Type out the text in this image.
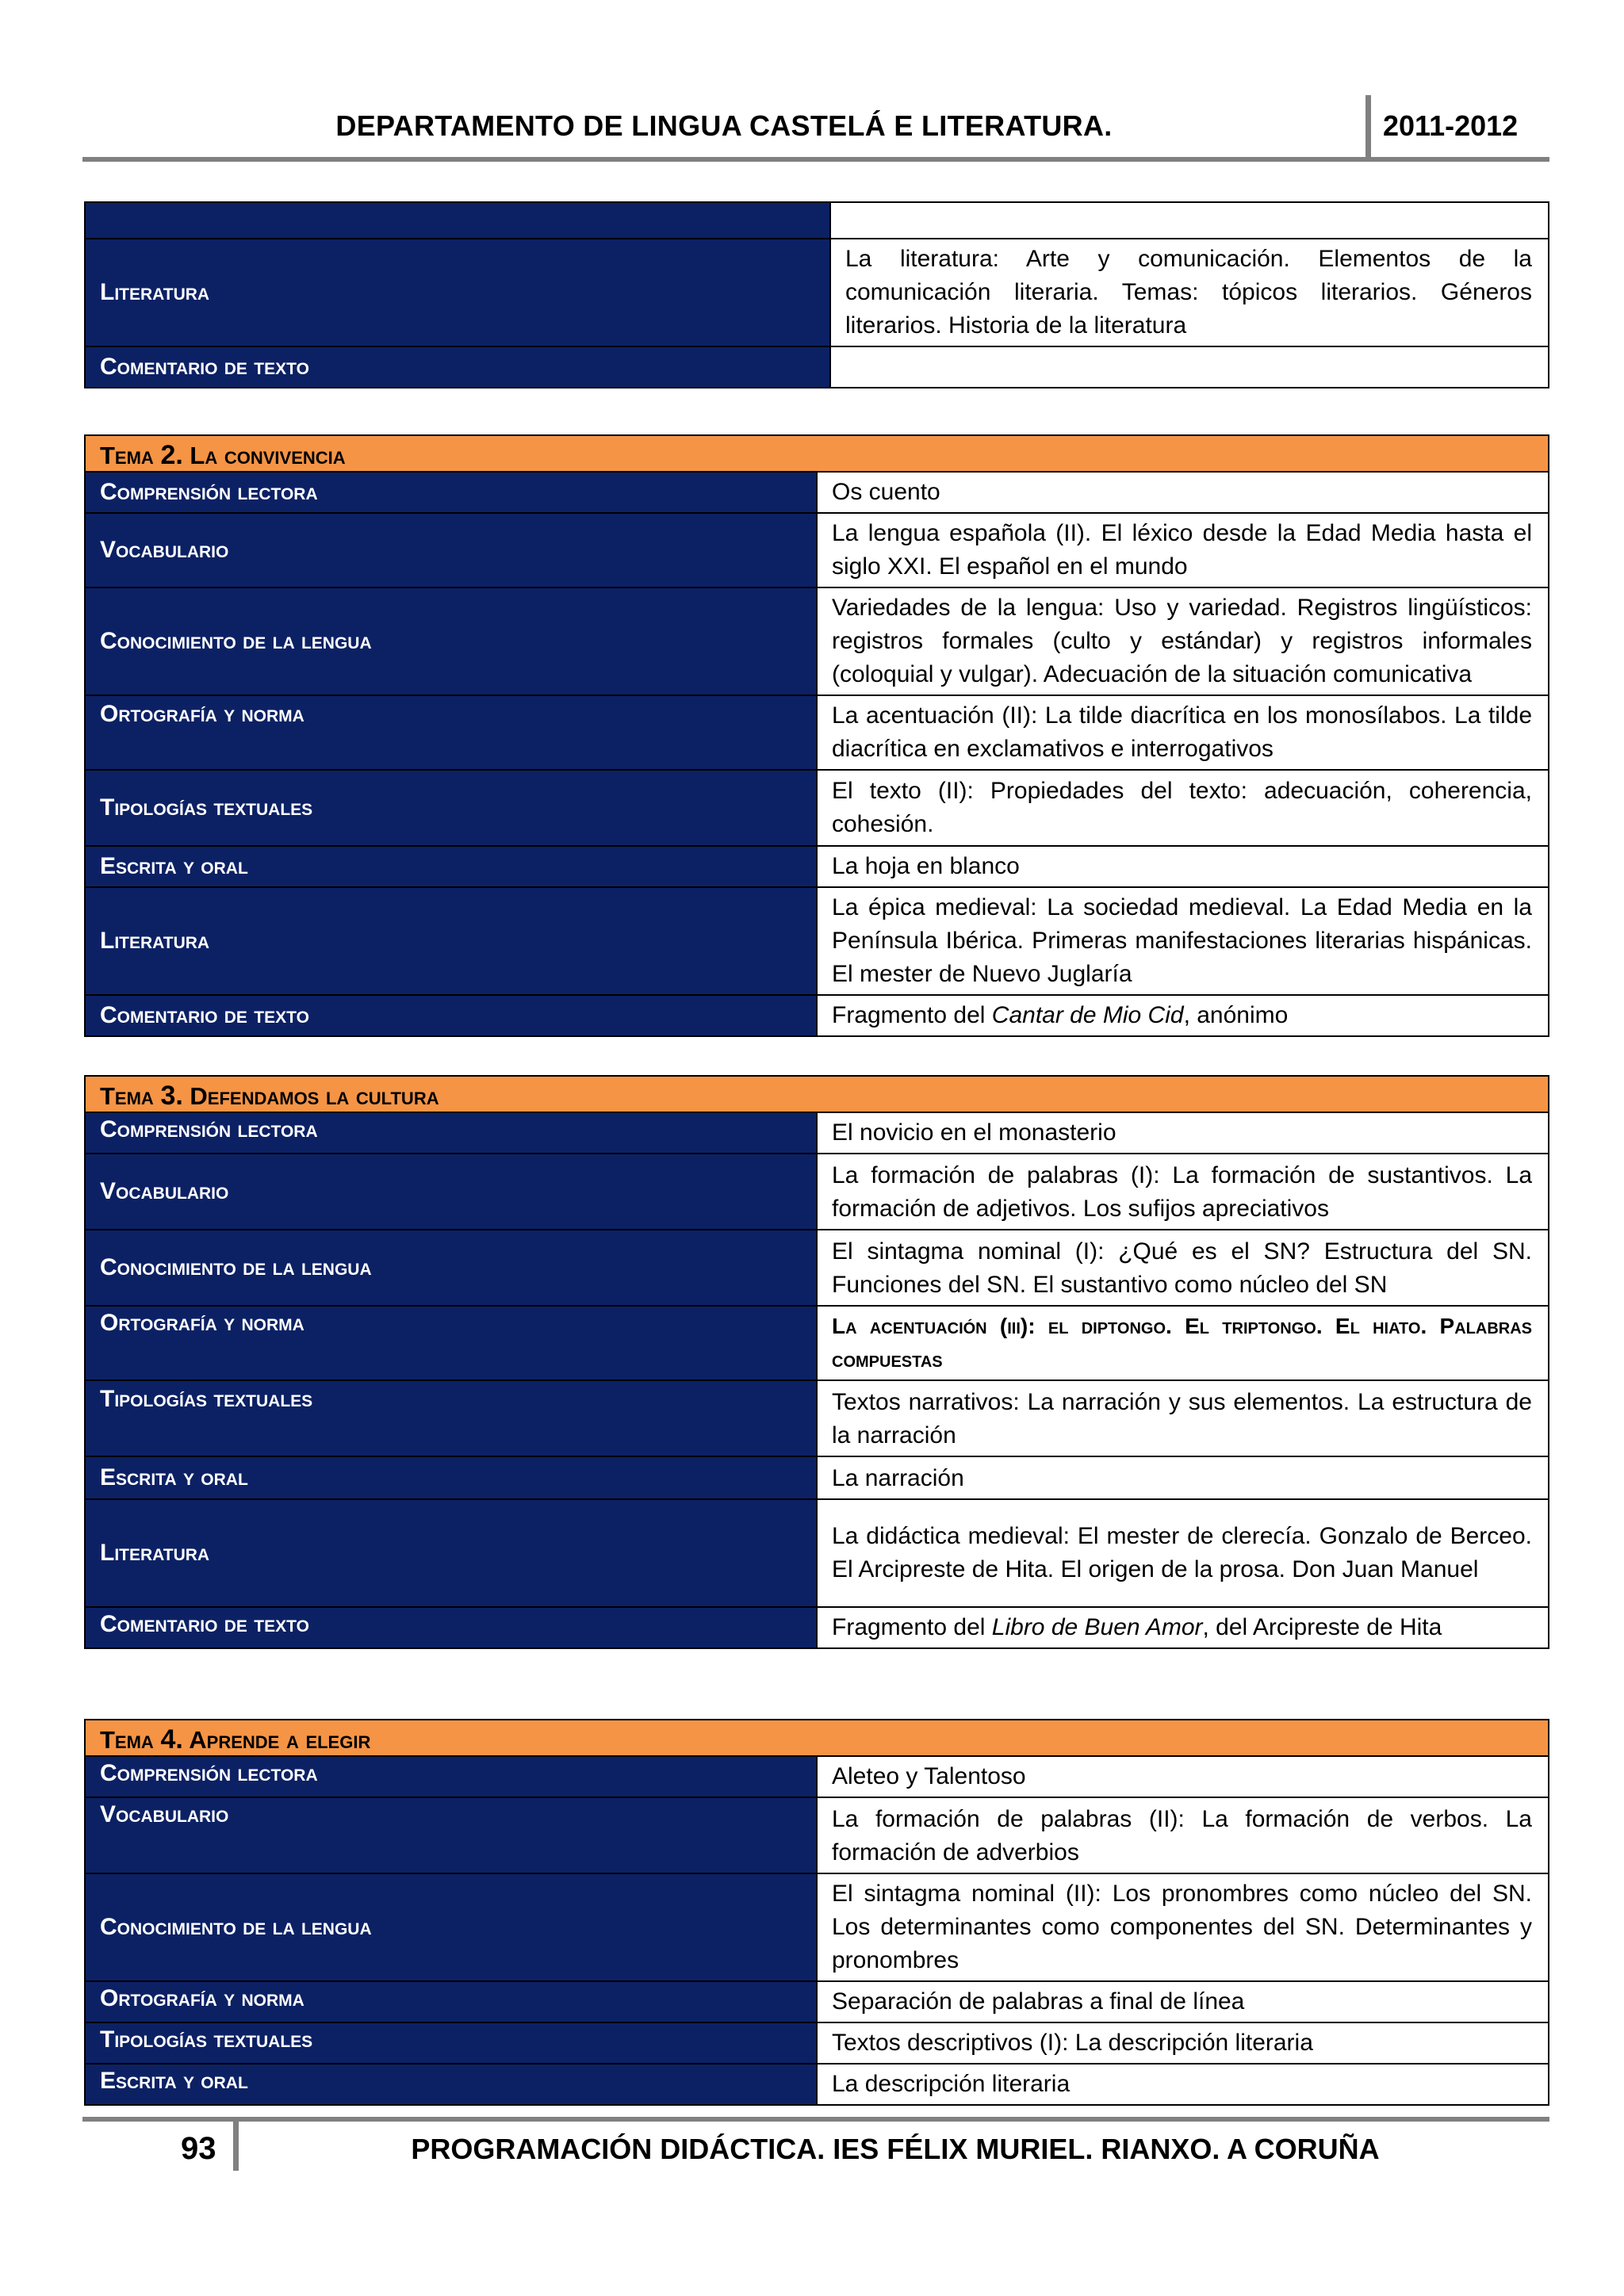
DEPARTAMENTO DE LINGUA CASTELÁ E LITERATURA.	2011-2012

Literatura	La literatura: Arte y comunicación. Elementos de la comunicación literaria. Temas: tópicos literarios. Géneros literarios. Historia de la literatura
Comentario de texto	
Tema 2. La convivencia	
Comprensión lectora	Os cuento
Vocabulario	La lengua española (II). El léxico desde la Edad Media hasta el siglo XXI. El español en el mundo
Conocimiento de la lengua	Variedades de la lengua: Uso y variedad. Registros lingüísticos: registros formales (culto y estándar) y registros informales (coloquial y vulgar). Adecuación de la situación comunicativa
Ortografía y norma	La acentuación (II): La tilde diacrítica en los monosílabos. La tilde diacrítica en exclamativos e interrogativos
Tipologías textuales	El texto (II): Propiedades del texto: adecuación, coherencia, cohesión.
Escrita y oral	La hoja en blanco
Literatura	La épica medieval: La sociedad medieval. La Edad Media en la Península Ibérica. Primeras manifestaciones literarias hispánicas. El mester de Nuevo Juglaría
Comentario de texto	Fragmento del Cantar de Mio Cid, anónimo
Tema 3. Defendamos la cultura	
Comprensión lectora	El novicio en el monasterio
Vocabulario	La formación de palabras (I): La formación de sustantivos. La formación de adjetivos. Los sufijos apreciativos
Conocimiento de la lengua	El sintagma nominal (I): ¿Qué es el SN? Estructura del SN. Funciones del SN. El sustantivo como núcleo del SN
Ortografía y norma	La acentuación (iii): el diptongo. El triptongo. El hiato. Palabras compuestas
Tipologías textuales	Textos narrativos: La narración y sus elementos. La estructura de la narración
Escrita y oral	La narración
Literatura	La didáctica medieval: El mester de clerecía. Gonzalo de Berceo. El Arcipreste de Hita. El origen de la prosa. Don Juan Manuel
Comentario de texto	Fragmento del Libro de Buen Amor, del Arcipreste de Hita
Tema 4. Aprende a elegir	
Comprensión lectora	Aleteo y Talentoso
Vocabulario	La formación de palabras (II): La formación de verbos. La formación de adverbios
Conocimiento de la lengua	El sintagma nominal (II): Los pronombres como núcleo del SN. Los determinantes como componentes del SN. Determinantes y pronombres
Ortografía y norma	Separación de palabras a final de línea
Tipologías textuales	Textos descriptivos (I): La descripción literaria
Escrita y oral	La descripción literaria
93	PROGRAMACIÓN DIDÁCTICA. IES FÉLIX MURIEL. RIANXO. A CORUÑA
